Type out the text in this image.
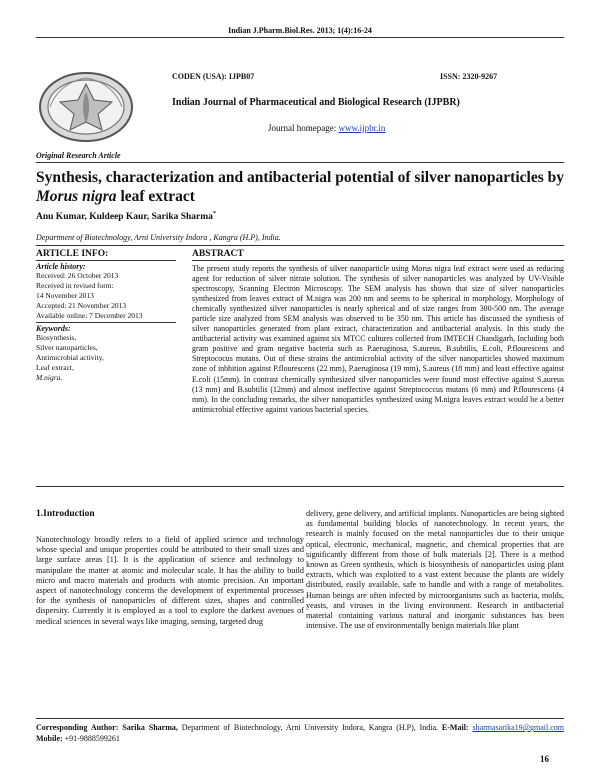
Indian J.Pharm.Biol.Res. 2013; 1(4):16-24
CODEN (USA): IJPB07	ISSN: 2320-9267
Indian Journal of Pharmaceutical and Biological Research (IJPBR)
Journal homepage: www.ijpbr.in
Original Research Article
Synthesis, characterization and antibacterial potential of silver nanoparticles by Morus nigra leaf extract
Anu Kumar, Kuldeep Kaur, Sarika Sharma*
Department of Biotechnology, Arni University Indora , Kangra (H.P), India.
ARTICLE INFO:
Article history:
Received: 26 October 2013
Received in revised form:
14 November 2013
Accepted: 21 November 2013
Available online: 7 December 2013
Keywords:
Biosynthesis,
Silver nanoparticles,
Antimicrobial activity,
Leaf extract,
M.nigra.
ABSTRACT
The present study reports the synthesis of silver nanoparticle using Morus nigra leaf extract were used as reducing agent for reduction of silver nitrate solution. The synthesis of silver nanoparticles was analyzed by UV-Visible spectroscopy, Scanning Electron Microscopy. The SEM analysis has shown that size of silver nanoparticles synthesized from leaves extract of M.nigra was 200 nm and seems to be spherical in morphology. Morphology of chemically synthesized silver nanoparticles is nearly spherical and of size ranges from 300-500 nm. The average particle size analyzed from SEM analysis was observed to be 350 nm. This article has discussed the synthesis of silver nanoparticles generated from plant extract, characterization and antibacterial analysis. In this study the antibacterial activity was examined against six MTCC cultures collected from IMTECH Chandigarh, Including both gram positive and gram negative bacteria such as P.aeruginosa, S.aureus, B.subtilis, E.coli, P.flourescens and Streptococus mutans. Out of these strains the antimicrobial activity of the silver nanoparticles showed maximum zone of inbhition against P.flourescens (22 mm), P.aeruginosa (19 mm), S.aureus (18 mm) and least effective against E.coli (15mm). In contrast chemically synthesized silver nanoparticles were found most effective against S.aureus (13 mm) and B.subtilis (12mm) and almost ineffective against Streptococcus mutans (6 mm) and P.flourescens (4 mm). In the concluding remarks, the silver nanoparticles synthesized using M.nigra leaves extract would be a better antimicrobial effective against various bacterial species.
1.Introduction
Nanotechnology broadly refers to a field of applied science and technology whose special and unique properties could be attributed to their small sizes and large surface areas [1]. It is the application of science and technology to manipulate the matter at atomic and molecular scale. It has the ability to build micro and macro materials and products with atomic precision. An important aspect of nanotechnology concerns the development of experimental processes for the synthesis of nanoparticles of different sizes, shapes and controlled dispersity. Currently it is employed as a tool to explore the darkest avenues of medical sciences in several ways like imaging, sensing, targeted drug
delivery, gene delivery, and artificial implants. Nanoparticles are being sighted as fundamental building blocks of nanotechnology. In recent years, the research is mainly focused on the metal nanoparticles due to their unique optical, electronic, mechanical, magnetic, and chemical properties that are significantly different from those of bulk materials [2]. There is a method known as Green synthesis, which is biosynthesis of nanoparticles using plant extracts, which was exploited to a vast extent because the plants are widely distributed, easily available, safe to handle and with a range of metabolites. Human beings are often infected by microorganisms such as bacteria, molds, yeasts, and viruses in the living environment. Research in antibacterial material containing various natural and inorganic substances has been intensive. The use of environmentally benign materials like plant
Corresponding Author: Sarika Sharma, Department of Biotechnology, Arni University Indora, Kangra (H.P), India. E-Mail: sharmasarika19@gmail.com Mobile: +91-9888599261
16
